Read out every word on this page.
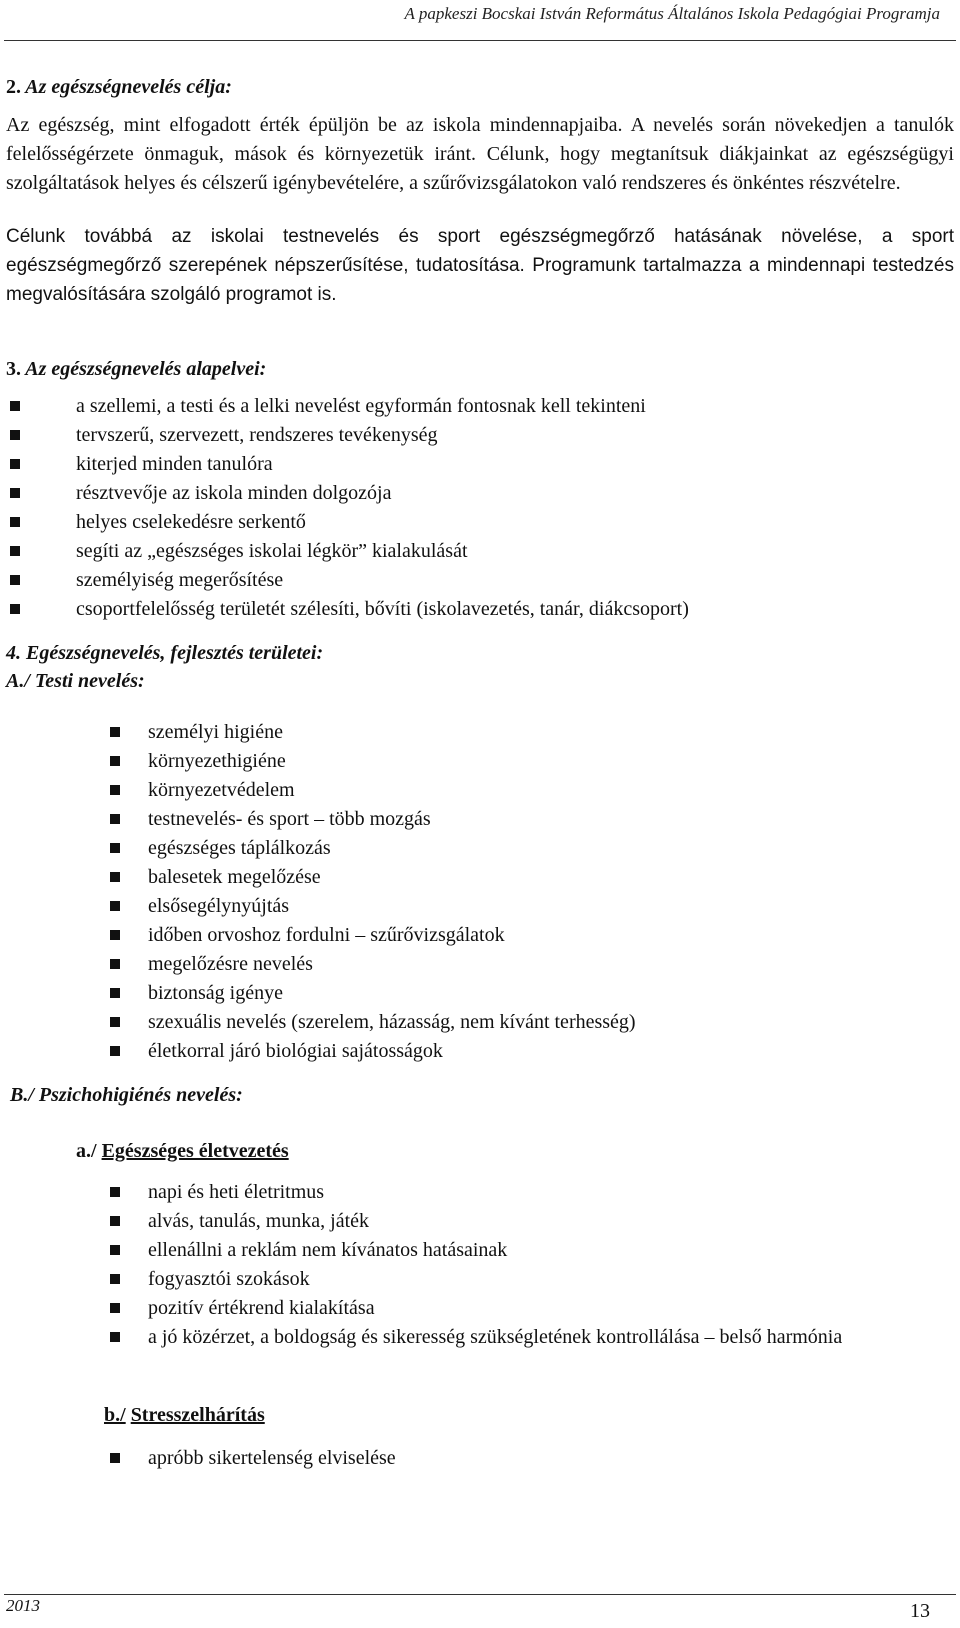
A papkeszi Bocskai István Református Általános Iskola Pedagógiai Programja
2. Az egészségnevelés célja:
Az egészség, mint elfogadott érték épüljön be az iskola mindennapjaiba. A nevelés során növekedjen a tanulók felelősségérzete önmaguk, mások és környezetük iránt. Célunk, hogy megtanítsuk diákjainkat az egészségügyi szolgáltatások helyes és célszerű igénybevételére, a szűrővizsgálatokon való rendszeres és önkéntes részvételre.
Célunk továbbá az iskolai testnevelés és sport egészségmegőrző hatásának növelése, a sport egészségmegőrző szerepének népszerűsítése, tudatosítása. Programunk tartalmazza a mindennapi testedzés megvalósítására szolgáló programot is.
3. Az egészségnevelés alapelvei:
a szellemi, a testi és a lelki nevelést egyformán fontosnak kell tekinteni
tervszerű, szervezett, rendszeres tevékenység
kiterjed minden tanulóra
résztvevője az iskola minden dolgozója
helyes cselekedésre serkentő
segíti az „egészséges iskolai légkör” kialakulását
személyiség megerősítése
csoportfelelősség területét szélesíti, bővíti (iskolavezetés, tanár, diákcsoport)
4. Egészségnevelés, fejlesztés területei:
A./ Testi nevelés:
személyi higiéne
környezethigiéne
környezetvédelem
testnevelés- és sport – több mozgás
egészséges táplálkozás
balesetek megelőzése
elsősegélynyújtás
időben orvoshoz fordulni – szűrővizsgálatok
megelőzésre nevelés
biztonság igénye
szexuális nevelés (szerelem, házasság, nem kívánt terhesség)
életkorral járó biológiai sajátosságok
B./ Pszichohigiénés nevelés:
a./ Egészséges életvezetés
napi és heti életritmus
alvás, tanulás, munka, játék
ellenállni a reklám nem kívánatos hatásainak
fogyasztói szokások
pozitív értékrend kialakítása
a jó közérzet, a boldogság és sikeresség szükségletének kontrollálása – belső harmónia
b./ Stresszelhárítás
apróbb sikertelenség elviselése
2013	13
